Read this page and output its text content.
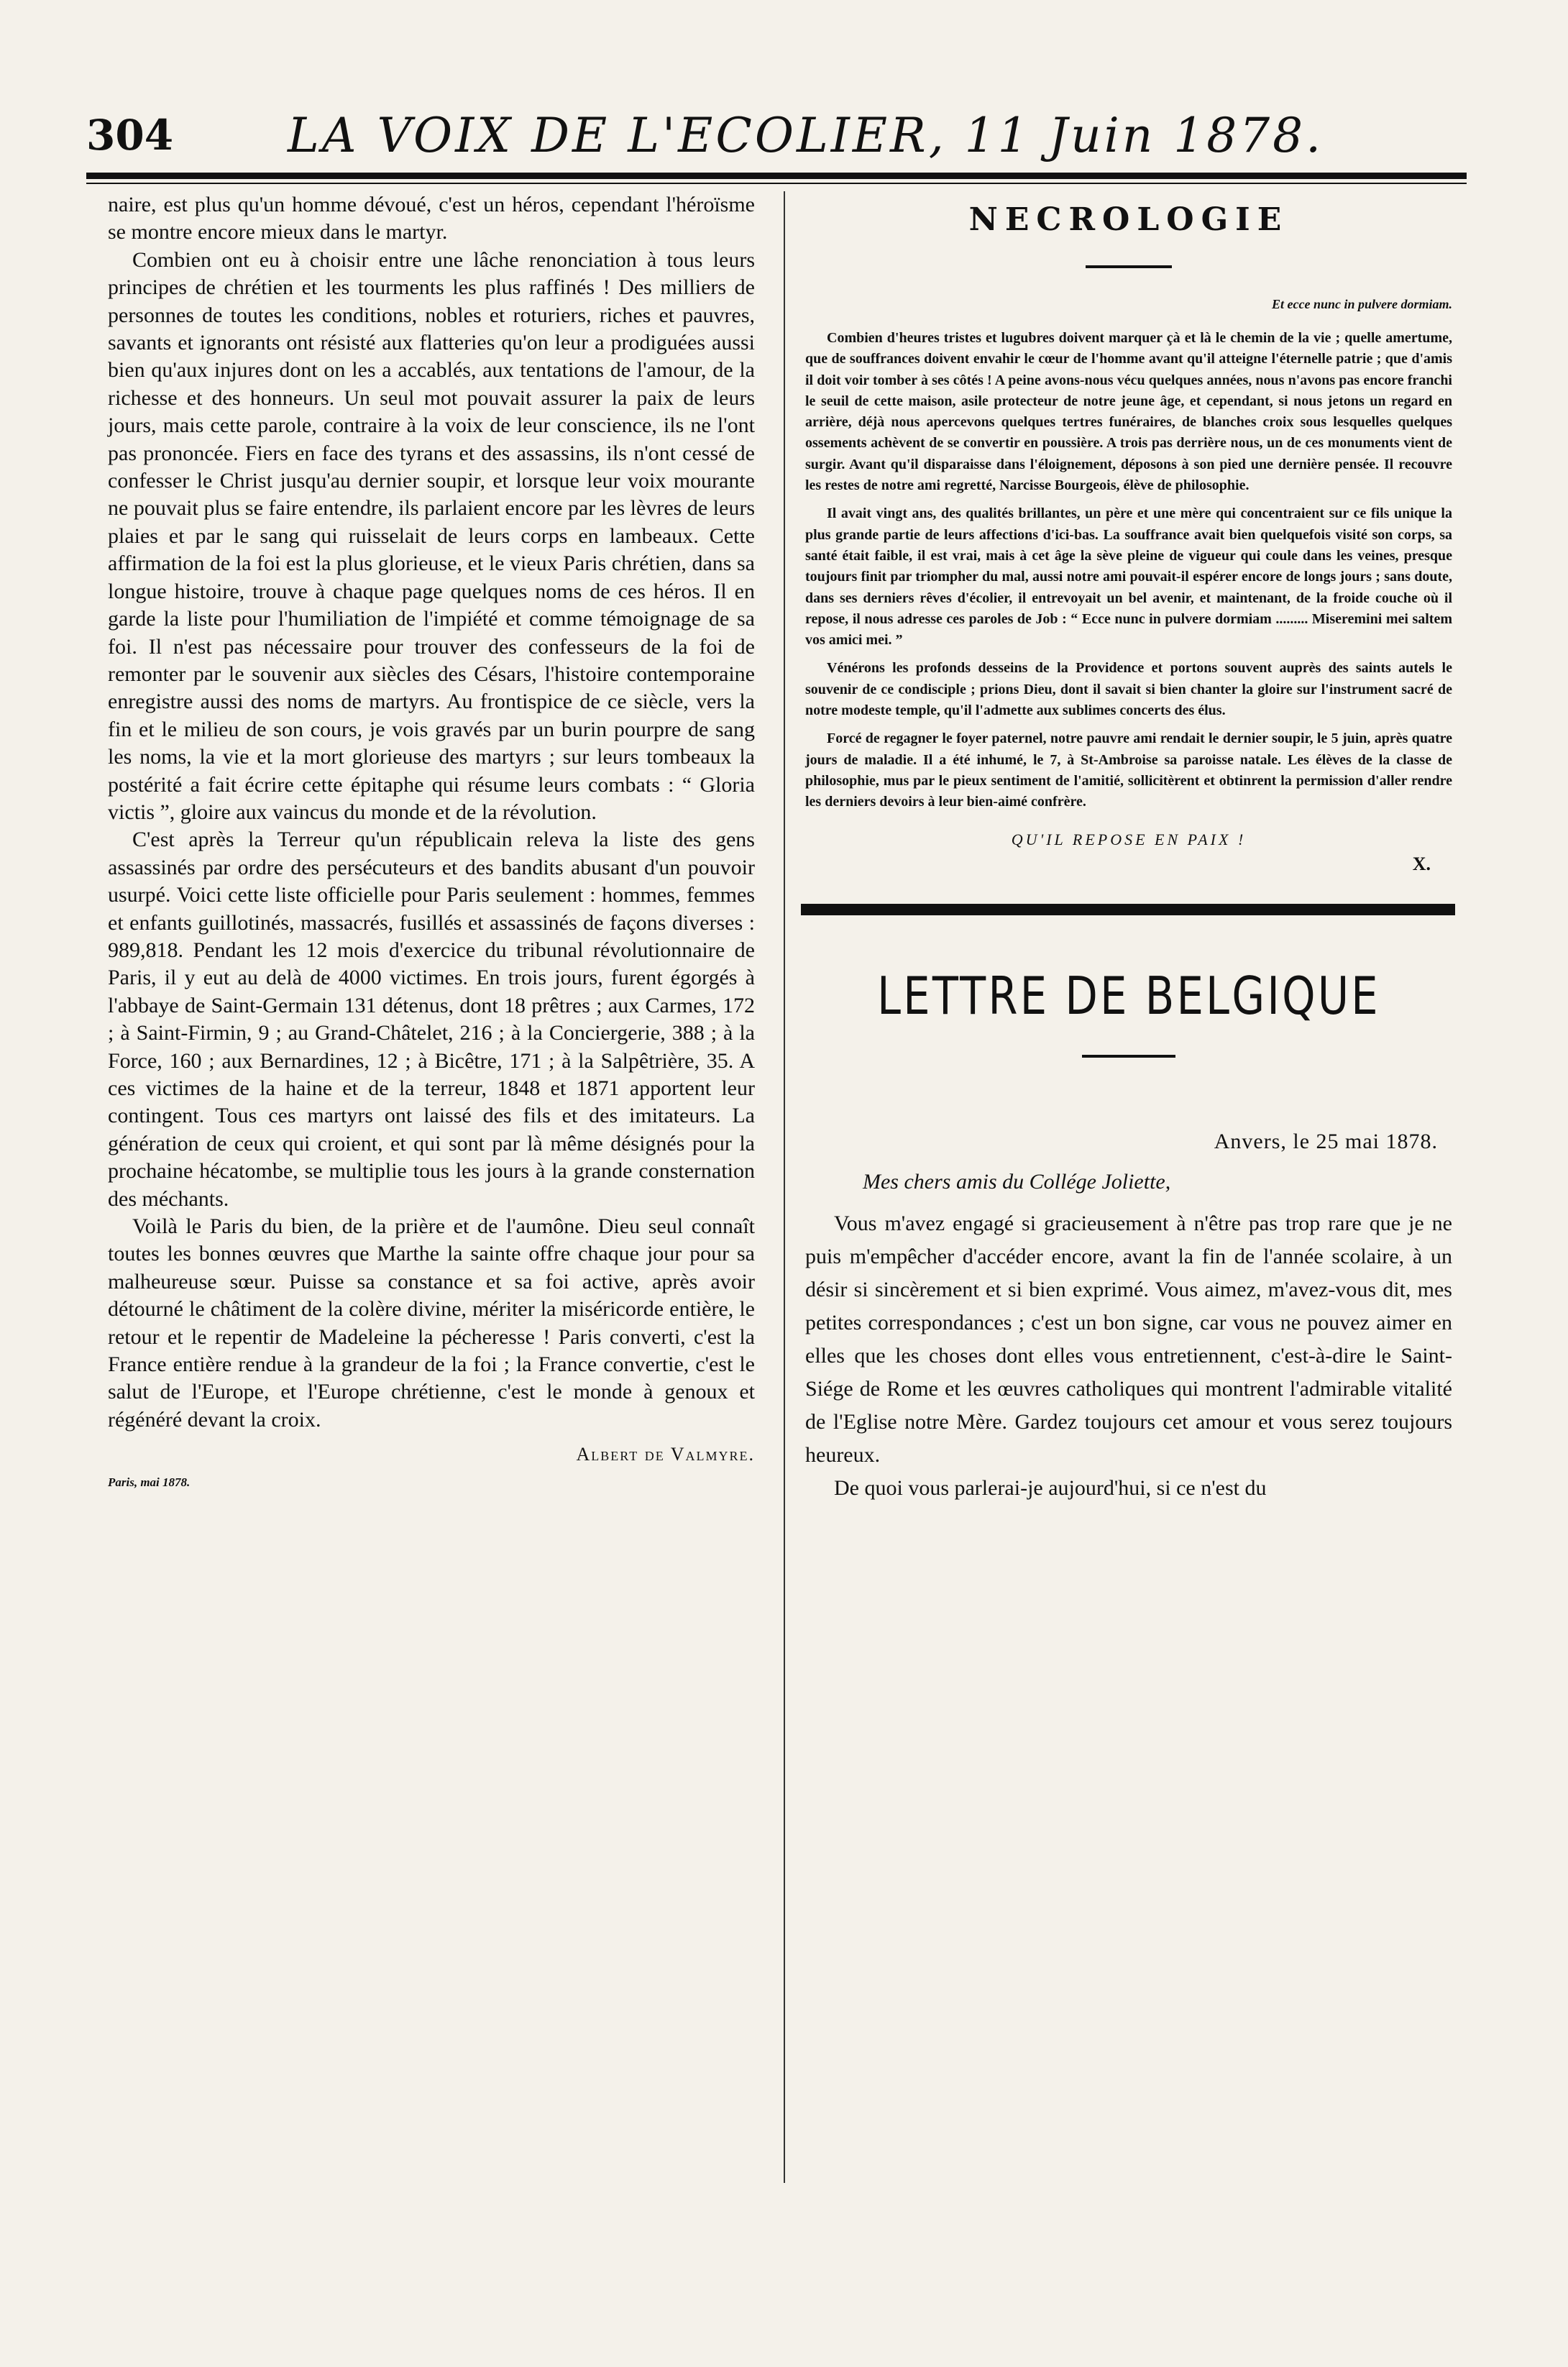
304 LA VOIX DE L'ECOLIER, 11 Juin 1878.

naire, est plus qu'un homme dévoué, c'est un héros, cependant l'héroïsme se montre encore mieux dans le martyr.

Combien ont eu à choisir entre une lâche renonciation à tous leurs principes de chrétien et les tourments les plus raffinés ! Des milliers de personnes de toutes les conditions, nobles et roturiers, riches et pauvres, savants et ignorants ont résisté aux flatteries qu'on leur a prodiguées aussi bien qu'aux injures dont on les a accablés, aux tentations de l'amour, de la richesse et des honneurs. Un seul mot pouvait assurer la paix de leurs jours, mais cette parole, contraire à la voix de leur conscience, ils ne l'ont pas prononcée. Fiers en face des tyrans et des assassins, ils n'ont cessé de confesser le Christ jusqu'au dernier soupir, et lorsque leur voix mourante ne pouvait plus se faire entendre, ils parlaient encore par les lèvres de leurs plaies et par le sang qui ruisselait de leurs corps en lambeaux. Cette affirmation de la foi est la plus glorieuse, et le vieux Paris chrétien, dans sa longue histoire, trouve à chaque page quelques noms de ces héros. Il en garde la liste pour l'humiliation de l'impiété et comme témoignage de sa foi. Il n'est pas nécessaire pour trouver des confesseurs de la foi de remonter par le souvenir aux siècles des Césars, l'histoire contemporaine enregistre aussi des noms de martyrs. Au frontispice de ce siècle, vers la fin et le milieu de son cours, je vois gravés par un burin pourpre de sang les noms, la vie et la mort glorieuse des martyrs ; sur leurs tombeaux la postérité a fait écrire cette épitaphe qui résume leurs combats : “ Gloria victis ”, gloire aux vaincus du monde et de la révolution.

C'est après la Terreur qu'un républicain releva la liste des gens assassinés par ordre des persécuteurs et des bandits abusant d'un pouvoir usurpé. Voici cette liste officielle pour Paris seulement : hommes, femmes et enfants guillotinés, massacrés, fusillés et assassinés de façons diverses : 989,818. Pendant les 12 mois d'exercice du tribunal révolutionnaire de Paris, il y eut au delà de 4000 victimes. En trois jours, furent égorgés à l'abbaye de Saint-Germain 131 détenus, dont 18 prêtres ; aux Carmes, 172 ; à Saint-Firmin, 9 ; au Grand-Châtelet, 216 ; à la Conciergerie, 388 ; à la Force, 160 ; aux Bernardines, 12 ; à Bicêtre, 171 ; à la Salpêtrière, 35. A ces victimes de la haine et de la terreur, 1848 et 1871 apportent leur contingent. Tous ces martyrs ont laissé des fils et des imitateurs. La génération de ceux qui croient, et qui sont par là même désignés pour la prochaine hécatombe, se multiplie tous les jours à la grande consternation des méchants.

Voilà le Paris du bien, de la prière et de l'aumône. Dieu seul connaît toutes les bonnes œuvres que Marthe la sainte offre chaque jour pour sa malheureuse sœur. Puisse sa constance et sa foi active, après avoir détourné le châtiment de la colère divine, mériter la miséricorde entière, le retour et le repentir de Madeleine la pécheresse ! Paris converti, c'est la France entière rendue à la grandeur de la foi ; la France convertie, c'est le salut de l'Europe, et l'Europe chrétienne, c'est le monde à genoux et régénéré devant la croix.

Albert de Valmyre.
Paris, mai 1878.
NECROLOGIE
Et ecce nunc in pulvere dormiam.

Combien d'heures tristes et lugubres doivent marquer çà et là le chemin de la vie ; quelle amertume, que de souffrances doivent envahir le cœur de l'homme avant qu'il atteigne l'éternelle patrie ; que d'amis il doit voir tomber à ses côtés ! A peine avons-nous vécu quelques années, nous n'avons pas encore franchi le seuil de cette maison, asile protecteur de notre jeune âge, et cependant, si nous jetons un regard en arrière, déjà nous apercevons quelques tertres funéraires, de blanches croix sous lesquelles quelques ossements achèvent de se convertir en poussière. A trois pas derrière nous, un de ces monuments vient de surgir. Avant qu'il disparaisse dans l'éloignement, déposons à son pied une dernière pensée. Il recouvre les restes de notre ami regretté, Narcisse Bourgeois, élève de philosophie.

Il avait vingt ans, des qualités brillantes, un père et une mère qui concentraient sur ce fils unique la plus grande partie de leurs affections d'ici-bas. La souffrance avait bien quelquefois visité son corps, sa santé était faible, il est vrai, mais à cet âge la sève pleine de vigueur qui coule dans les veines, presque toujours finit par triompher du mal, aussi notre ami pouvait-il espérer encore de longs jours ; sans doute, dans ses derniers rêves d'écolier, il entrevoyait un bel avenir, et maintenant, de la froide couche où il repose, il nous adresse ces paroles de Job : “ Ecce nunc in pulvere dormiam ......... Miseremini mei saltem vos amici mei. ”

Vénérons les profonds desseins de la Providence et portons souvent auprès des saints autels le souvenir de ce condisciple ; prions Dieu, dont il savait si bien chanter la gloire sur l'instrument sacré de notre modeste temple, qu'il l'admette aux sublimes concerts des élus.

Forcé de regagner le foyer paternel, notre pauvre ami rendait le dernier soupir, le 5 juin, après quatre jours de maladie. Il a été inhumé, le 7, à St-Ambroise sa paroisse natale. Les élèves de la classe de philosophie, mus par le pieux sentiment de l'amitié, sollicitèrent et obtinrent la permission d'aller rendre les derniers devoirs à leur bien-aimé confrère.

QU'IL REPOSE EN PAIX !
X.
LETTRE DE BELGIQUE
Anvers, le 25 mai 1878.
Mes chers amis du Collége Joliette,

Vous m'avez engagé si gracieusement à n'être pas trop rare que je ne puis m'empêcher d'accéder encore, avant la fin de l'année scolaire, à un désir si sincèrement et si bien exprimé. Vous aimez, m'avez-vous dit, mes petites correspondances ; c'est un bon signe, car vous ne pouvez aimer en elles que les choses dont elles vous entretiennent, c'est-à-dire le Saint-Siége de Rome et les œuvres catholiques qui montrent l'admirable vitalité de l'Eglise notre Mère. Gardez toujours cet amour et vous serez toujours heureux.

De quoi vous parlerai-je aujourd'hui, si ce n'est du
